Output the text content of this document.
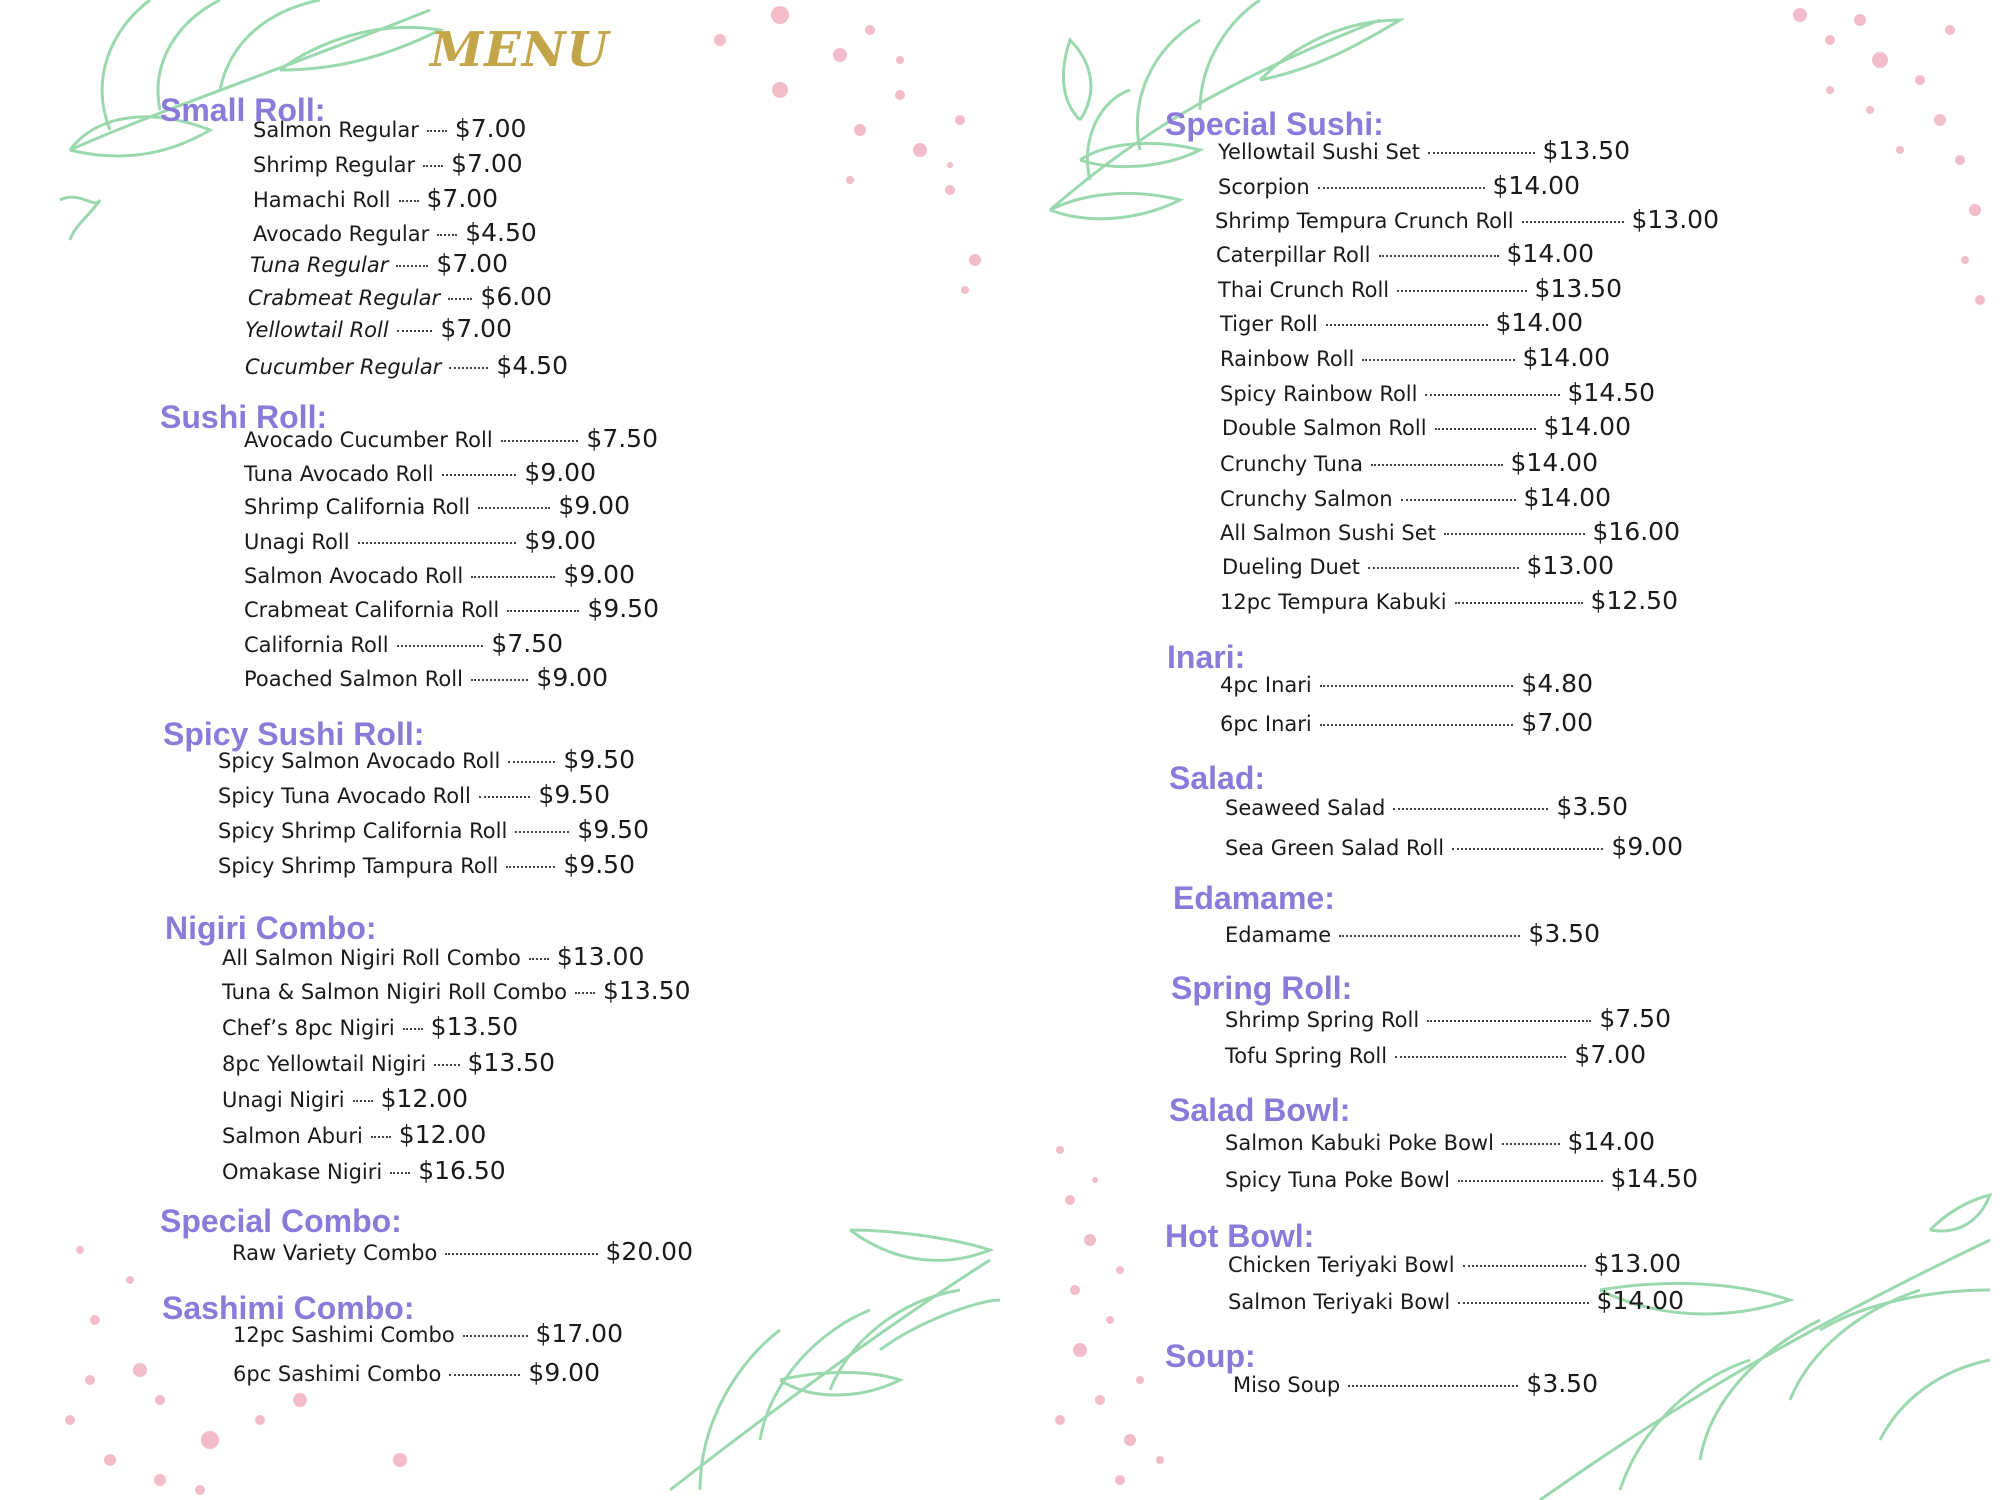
MENU
Small Roll:
Salmon Regular $7.00
Shrimp Regular $7.00
Hamachi Roll $7.00
Avocado Regular $4.50
Tuna Regular $7.00
Crabmeat Regular $6.00
Yellowtail Roll $7.00
Cucumber Regular $4.50
Sushi Roll:
Avocado Cucumber Roll	$7.50
Tuna Avocado Roll	$9.00
Shrimp California Roll	$9.00
Unagi Roll	$9.00
Salmon Avocado Roll	$9.00
Crabmeat California Roll	$9.50
California Roll	$7.50
Poached Salmon Roll	$9.00
Spicy Sushi Roll:
Spicy Salmon Avocado Roll	$9.50
Spicy Tuna Avocado Roll	$9.50
Spicy Shrimp California Roll	$9.50
Spicy Shrimp Tampura Roll	$9.50
Nigiri Combo:
All Salmon Nigiri Roll Combo $13.00
Tuna & Salmon Nigiri Roll Combo $13.50
Chef’s 8pc Nigiri $13.50
8pc Yellowtail Nigiri $13.50
Unagi Nigiri $12.00
Salmon Aburi $12.00
Omakase Nigiri $16.50
Special Combo:
Raw Variety Combo	$20.00
Sashimi Combo:
12pc Sashimi Combo	$17.00
6pc Sashimi Combo	$9.00
Special Sushi:
Yellowtail Sushi Set	$13.50
Scorpion	$14.00
Shrimp Tempura Crunch Roll	$13.00
Caterpillar Roll	$14.00
Thai Crunch Roll	$13.50
Tiger Roll	$14.00
Rainbow Roll	$14.00
Spicy Rainbow Roll	$14.50
Double Salmon Roll	$14.00
Crunchy Tuna	$14.00
Crunchy Salmon	$14.00
All Salmon Sushi Set	$16.00
Dueling Duet	$13.00
12pc Tempura Kabuki	$12.50
Inari:
4pc Inari	$4.80
6pc Inari	$7.00
Salad:
Seaweed Salad	$3.50
Sea Green Salad Roll	$9.00
Edamame:
Edamame	$3.50
Spring Roll:
Shrimp Spring Roll	$7.50
Tofu Spring Roll	$7.00
Salad Bowl:
Salmon Kabuki Poke Bowl	$14.00
Spicy Tuna Poke Bowl	$14.50
Hot Bowl:
Chicken Teriyaki Bowl	$13.00
Salmon Teriyaki Bowl	$14.00
Soup:
Miso Soup	$3.50
